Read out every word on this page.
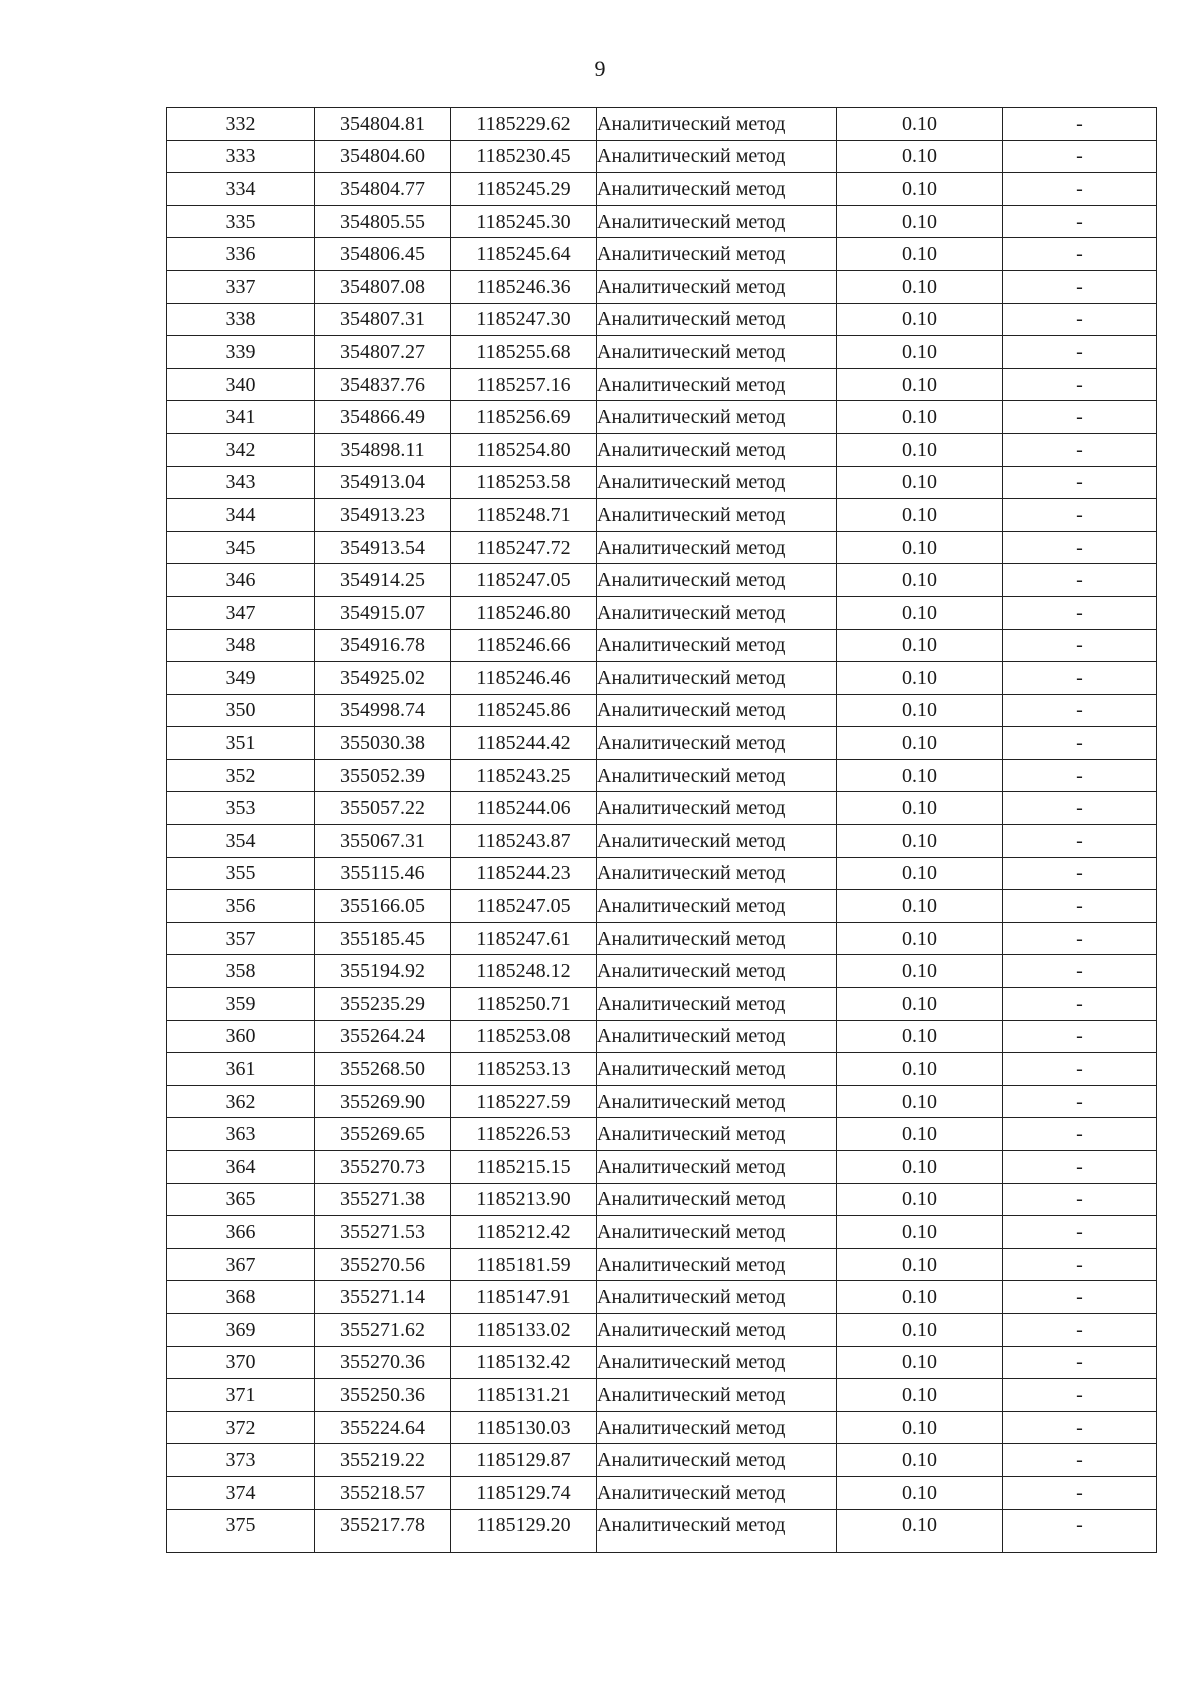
9
332	354804.81	1185229.62	Аналитический метод	0.10	-
333	354804.60	1185230.45	Аналитический метод	0.10	-
334	354804.77	1185245.29	Аналитический метод	0.10	-
335	354805.55	1185245.30	Аналитический метод	0.10	-
336	354806.45	1185245.64	Аналитический метод	0.10	-
337	354807.08	1185246.36	Аналитический метод	0.10	-
338	354807.31	1185247.30	Аналитический метод	0.10	-
339	354807.27	1185255.68	Аналитический метод	0.10	-
340	354837.76	1185257.16	Аналитический метод	0.10	-
341	354866.49	1185256.69	Аналитический метод	0.10	-
342	354898.11	1185254.80	Аналитический метод	0.10	-
343	354913.04	1185253.58	Аналитический метод	0.10	-
344	354913.23	1185248.71	Аналитический метод	0.10	-
345	354913.54	1185247.72	Аналитический метод	0.10	-
346	354914.25	1185247.05	Аналитический метод	0.10	-
347	354915.07	1185246.80	Аналитический метод	0.10	-
348	354916.78	1185246.66	Аналитический метод	0.10	-
349	354925.02	1185246.46	Аналитический метод	0.10	-
350	354998.74	1185245.86	Аналитический метод	0.10	-
351	355030.38	1185244.42	Аналитический метод	0.10	-
352	355052.39	1185243.25	Аналитический метод	0.10	-
353	355057.22	1185244.06	Аналитический метод	0.10	-
354	355067.31	1185243.87	Аналитический метод	0.10	-
355	355115.46	1185244.23	Аналитический метод	0.10	-
356	355166.05	1185247.05	Аналитический метод	0.10	-
357	355185.45	1185247.61	Аналитический метод	0.10	-
358	355194.92	1185248.12	Аналитический метод	0.10	-
359	355235.29	1185250.71	Аналитический метод	0.10	-
360	355264.24	1185253.08	Аналитический метод	0.10	-
361	355268.50	1185253.13	Аналитический метод	0.10	-
362	355269.90	1185227.59	Аналитический метод	0.10	-
363	355269.65	1185226.53	Аналитический метод	0.10	-
364	355270.73	1185215.15	Аналитический метод	0.10	-
365	355271.38	1185213.90	Аналитический метод	0.10	-
366	355271.53	1185212.42	Аналитический метод	0.10	-
367	355270.56	1185181.59	Аналитический метод	0.10	-
368	355271.14	1185147.91	Аналитический метод	0.10	-
369	355271.62	1185133.02	Аналитический метод	0.10	-
370	355270.36	1185132.42	Аналитический метод	0.10	-
371	355250.36	1185131.21	Аналитический метод	0.10	-
372	355224.64	1185130.03	Аналитический метод	0.10	-
373	355219.22	1185129.87	Аналитический метод	0.10	-
374	355218.57	1185129.74	Аналитический метод	0.10	-
375	355217.78	1185129.20	Аналитический метод	0.10	-
